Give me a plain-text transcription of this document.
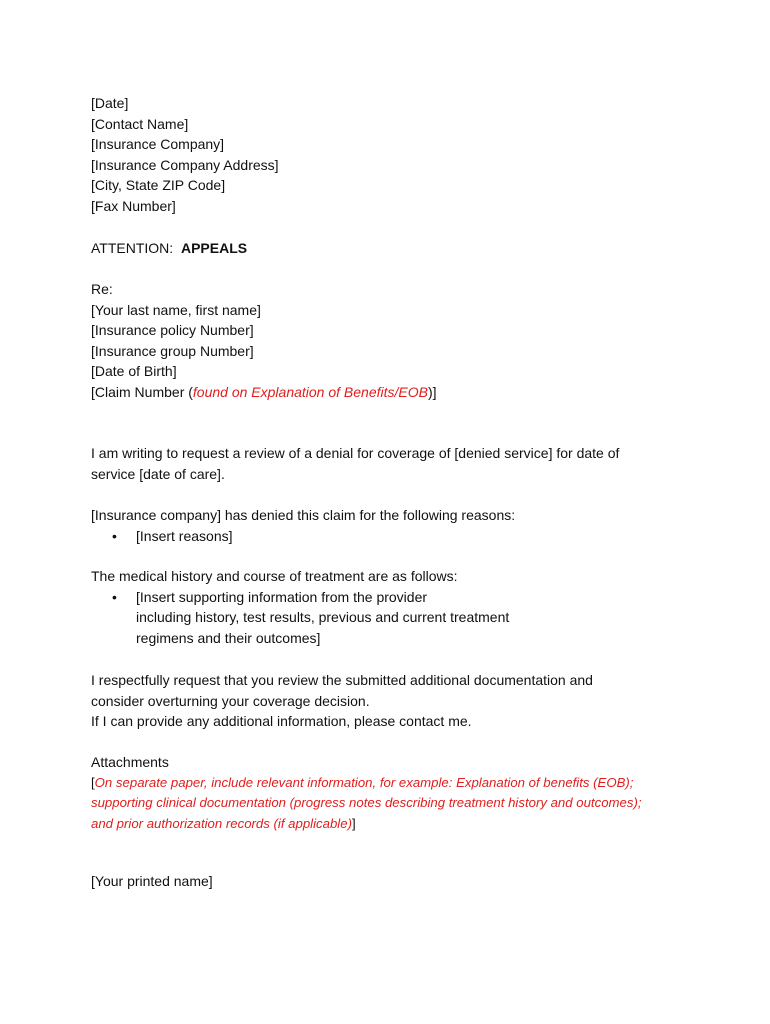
[Date]
[Contact Name]
[Insurance Company]
[Insurance Company Address]
[City, State ZIP Code]
[Fax Number]
ATTENTION: APPEALS
Re:
[Your last name, first name]
[Insurance policy Number]
[Insurance group Number]
[Date of Birth]
[Claim Number (found on Explanation of Benefits/EOB)]
I am writing to request a review of a denial for coverage of [denied service] for date of
service [date of care].
[Insurance company] has denied this claim for the following reasons:
•	[Insert reasons]
The medical history and course of treatment are as follows:
•	[Insert supporting information from the provider
including history, test results, previous and current treatment
regimens and their outcomes]
I respectfully request that you review the submitted additional documentation and
consider overturning your coverage decision.
If I can provide any additional information, please contact me.
Attachments
[On separate paper, include relevant information, for example: Explanation of benefits (EOB);
supporting clinical documentation (progress notes describing treatment history and outcomes);
and prior authorization records (if applicable)]
[Your printed name]
